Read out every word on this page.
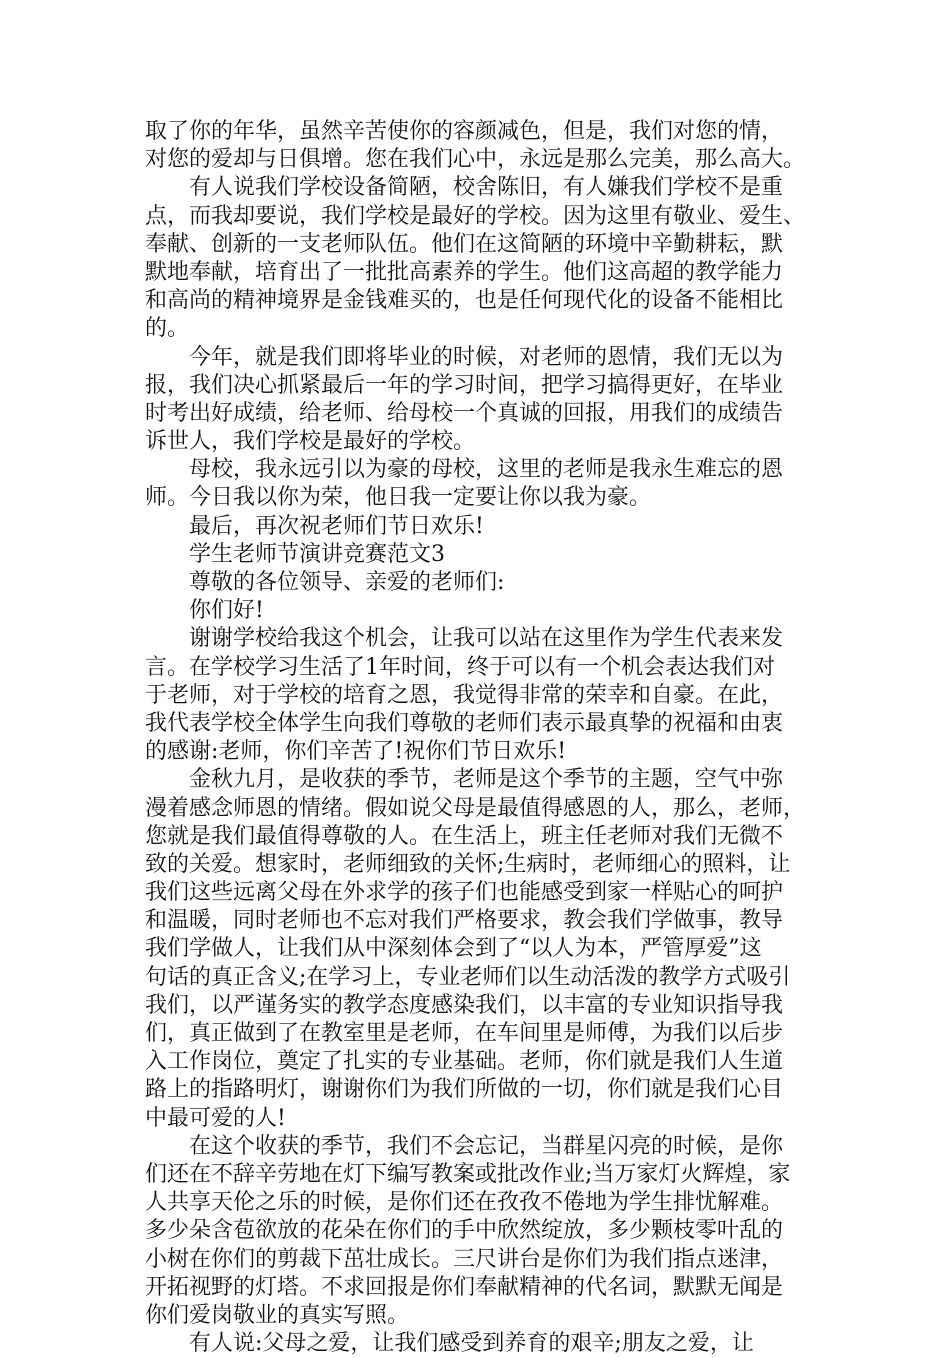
取了你的年华，虽然辛苦使你的容颜减色，但是，我们对您的情，
对您的爱却与日俱增。您在我们心中，永远是那么完美，那么高大。
　　有人说我们学校设备简陋，校舍陈旧，有人嫌我们学校不是重
点，而我却要说，我们学校是最好的学校。因为这里有敬业、爱生、
奉献、创新的一支老师队伍。他们在这简陋的环境中辛勤耕耘，默
默地奉献，培育出了一批批高素养的学生。他们这高超的教学能力
和高尚的精神境界是金钱难买的，也是任何现代化的设备不能相比
的。
　　今年，就是我们即将毕业的时候，对老师的恩情，我们无以为
报，我们决心抓紧最后一年的学习时间，把学习搞得更好，在毕业
时考出好成绩，给老师、给母校一个真诚的回报，用我们的成绩告
诉世人，我们学校是最好的学校。
　　母校，我永远引以为豪的母校，这里的老师是我永生难忘的恩
师。今日我以你为荣，他日我一定要让你以我为豪。
　　最后，再次祝老师们节日欢乐!
　　学生老师节演讲竞赛范文3
　　尊敬的各位领导、亲爱的老师们:
　　你们好!
　　谢谢学校给我这个机会，让我可以站在这里作为学生代表来发
言。在学校学习生活了1年时间，终于可以有一个机会表达我们对
于老师，对于学校的培育之恩，我觉得非常的荣幸和自豪。在此，
我代表学校全体学生向我们尊敬的老师们表示最真挚的祝福和由衷
的感谢:老师，你们辛苦了!祝你们节日欢乐!
　　金秋九月，是收获的季节，老师是这个季节的主题，空气中弥
漫着感念师恩的情绪。假如说父母是最值得感恩的人，那么，老师，
您就是我们最值得尊敬的人。在生活上，班主任老师对我们无微不
致的关爱。想家时，老师细致的关怀;生病时，老师细心的照料，让
我们这些远离父母在外求学的孩子们也能感受到家一样贴心的呵护
和温暖，同时老师也不忘对我们严格要求，教会我们学做事，教导
我们学做人，让我们从中深刻体会到了“以人为本，严管厚爱”这
句话的真正含义;在学习上，专业老师们以生动活泼的教学方式吸引
我们，以严谨务实的教学态度感染我们，以丰富的专业知识指导我
们，真正做到了在教室里是老师，在车间里是师傅，为我们以后步
入工作岗位，奠定了扎实的专业基础。老师，你们就是我们人生道
路上的指路明灯，谢谢你们为我们所做的一切，你们就是我们心目
中最可爱的人!
　　在这个收获的季节，我们不会忘记，当群星闪亮的时候，是你
们还在不辞辛劳地在灯下编写教案或批改作业;当万家灯火辉煌，家
人共享天伦之乐的时候，是你们还在孜孜不倦地为学生排忧解难。
多少朵含苞欲放的花朵在你们的手中欣然绽放，多少颗枝零叶乱的
小树在你们的剪裁下茁壮成长。三尺讲台是你们为我们指点迷津，
开拓视野的灯塔。不求回报是你们奉献精神的代名词，默默无闻是
你们爱岗敬业的真实写照。
　　有人说:父母之爱，让我们感受到养育的艰辛;朋友之爱，让
